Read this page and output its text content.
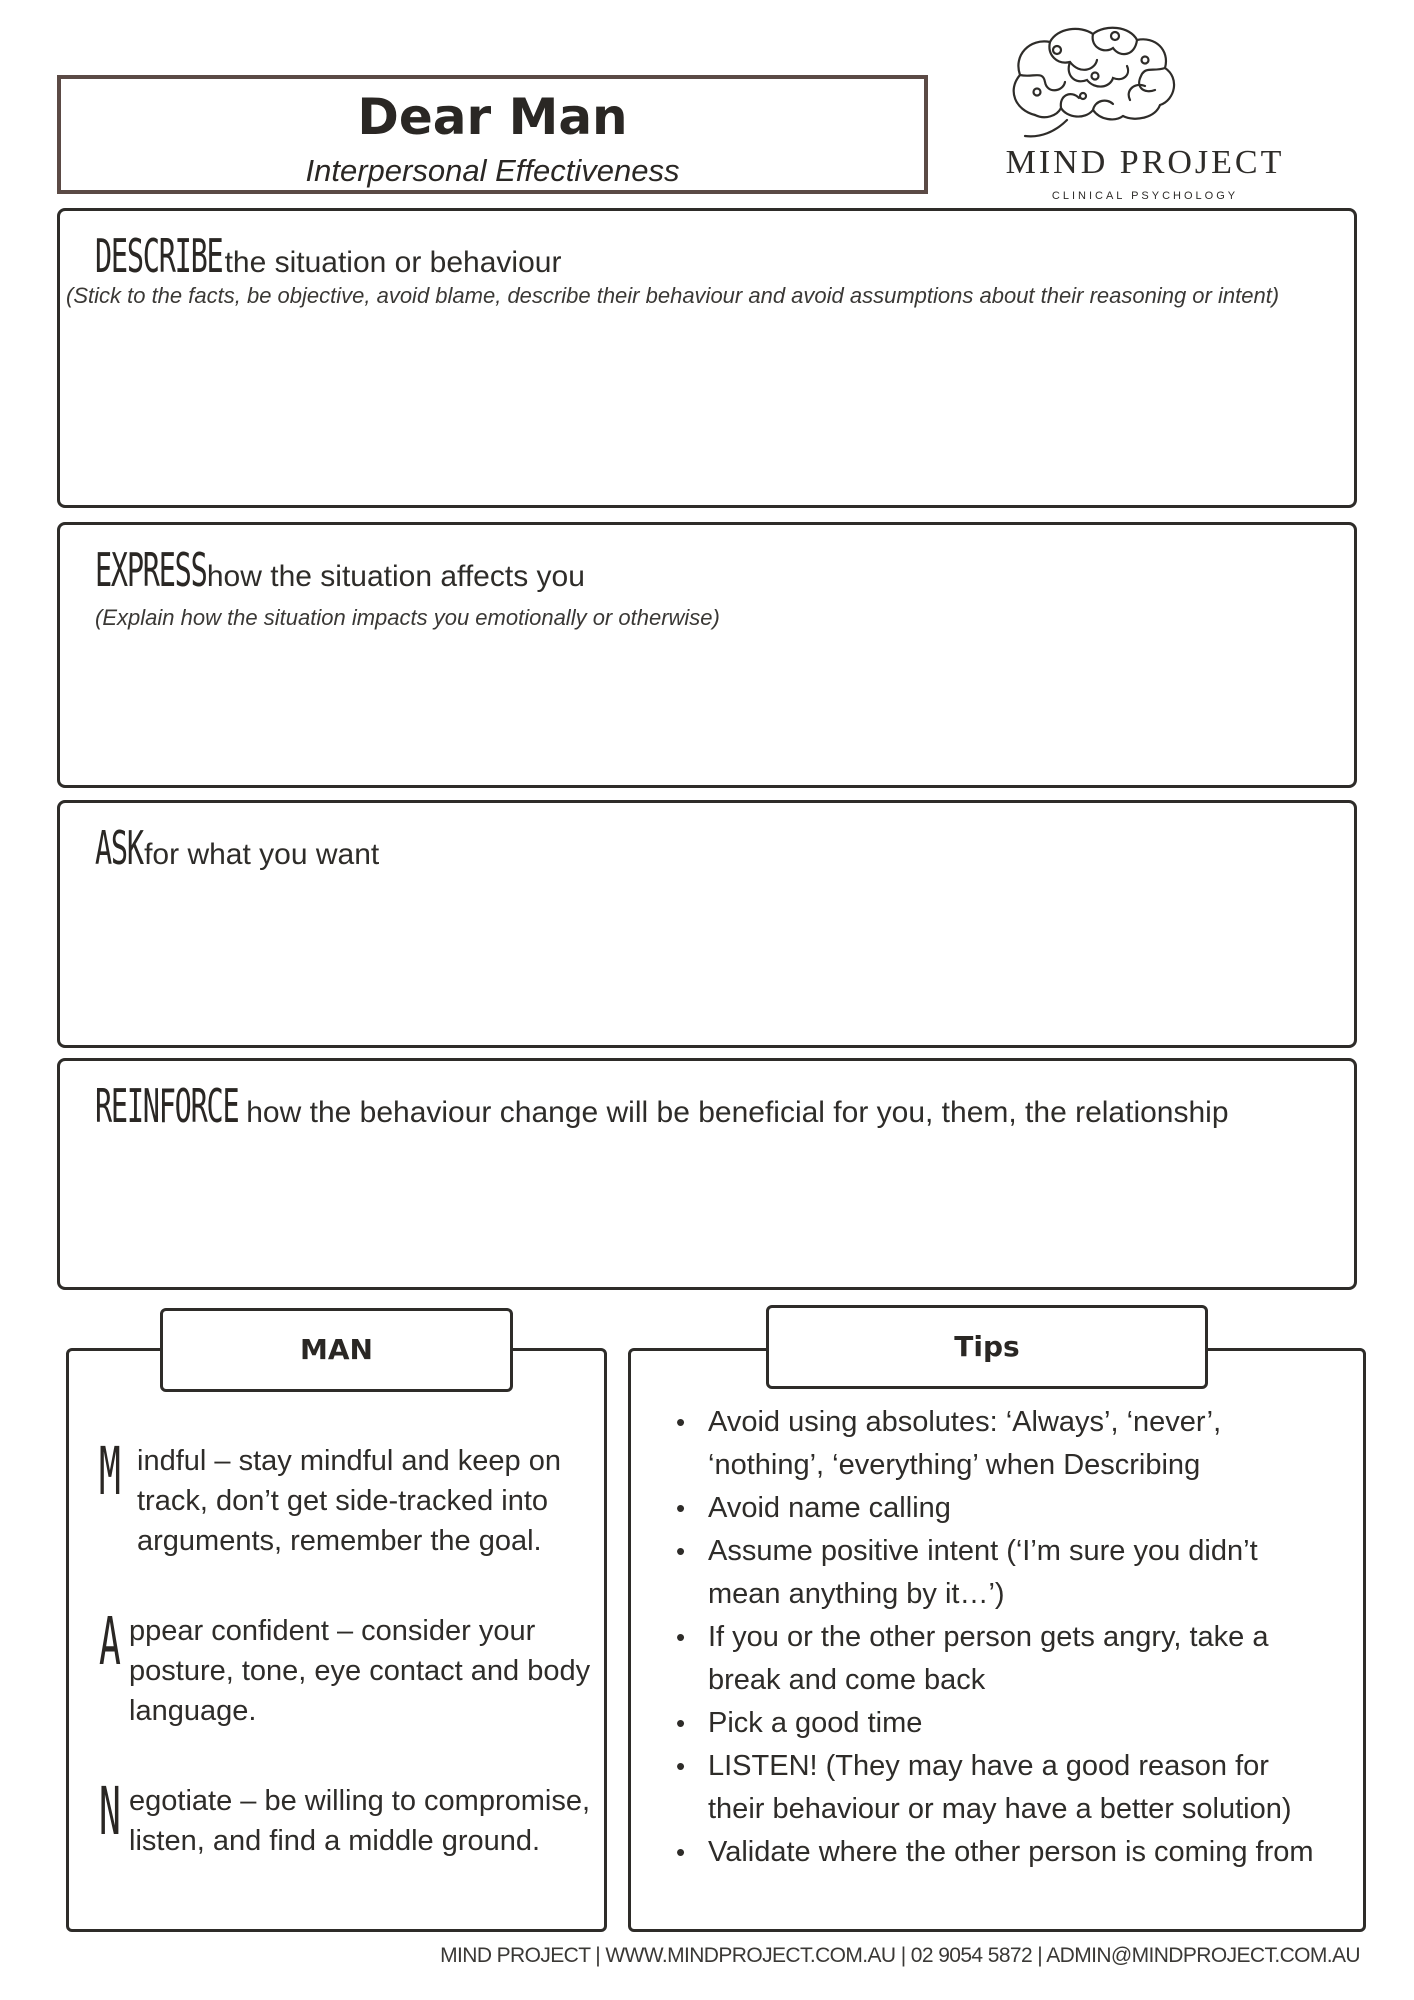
Dear Man
Interpersonal Effectiveness	MIND PROJECT
CLINICAL PSYCHOLOGY
DESCRIBEthe situation or behaviour
(Stick to the facts, be objective, avoid blame, describe their behaviour and avoid assumptions about their reasoning or intent)
EXPRESShow the situation affects you
(Explain how the situation impacts you emotionally or otherwise)
ASKfor what you want
REINFORCE how the behaviour change will be beneficial for you, them, the relationship
M indful – stay mindful and keep on track, don’t get side-tracked into arguments, remember the goal.
A ppear confident – consider your posture, tone, eye contact and body language.
N egotiate – be willing to compromise, listen, and find a middle ground.
MAN
• Avoid using absolutes: ‘Always’, ‘never’, ‘nothing’, ‘everything’ when Describing
• Avoid name calling
• Assume positive intent (‘I’m sure you didn’t mean anything by it…’)
• If you or the other person gets angry, take a break and come back
• Pick a good time
• LISTEN! (They may have a good reason for their behaviour or may have a better solution)
• Validate where the other person is coming from
Tips
MIND PROJECT | WWW.MINDPROJECT.COM.AU | 02 9054 5872 | ADMIN@MINDPROJECT.COM.AU
